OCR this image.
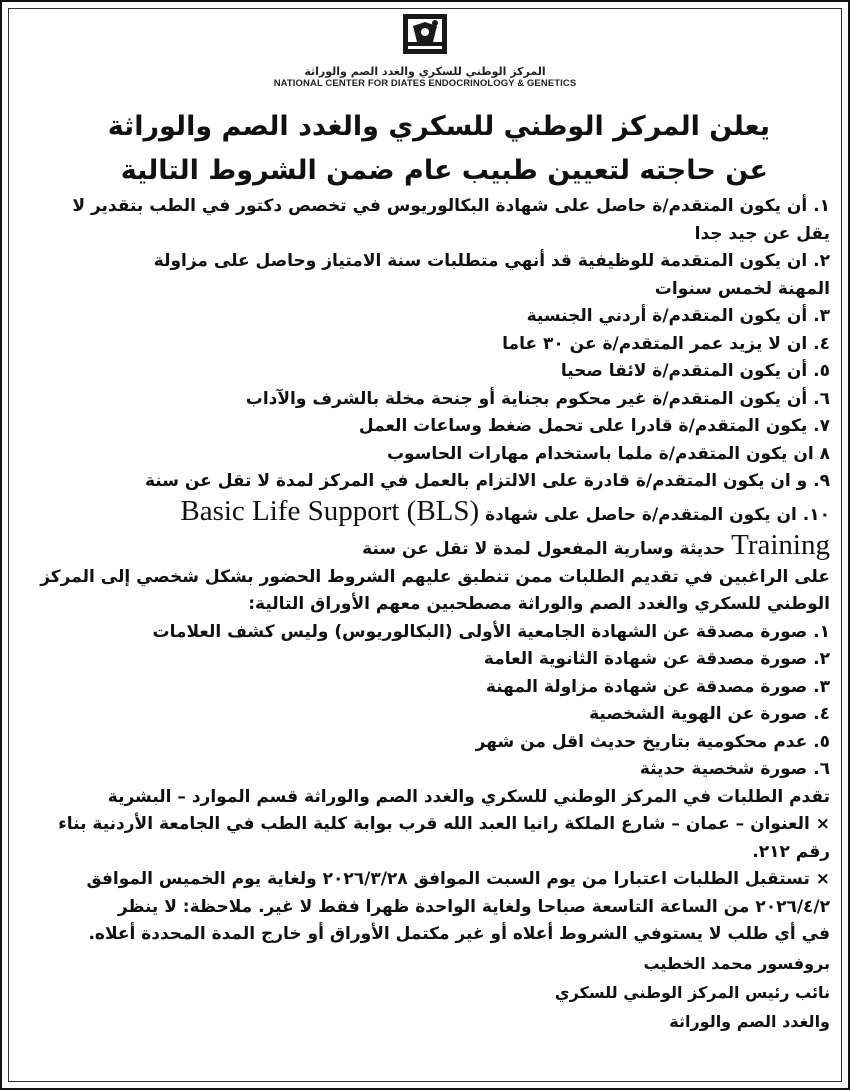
المركز الوطني للسكري والغدد الصم والوراثة
NATIONAL CENTER FOR DIATES ENDOCRINOLOGY & GENETICS

يعلن المركز الوطني للسكري والغدد الصم والوراثة

عن حاجته لتعيين طبيب عام ضمن الشروط التالية

١. أن يكون المتقدم/ة حاصل على شهادة البكالوريوس في تخصص دكتور في الطب بتقدير لا

يقل عن جيد جدا

٢. ان يكون المتقدمة للوظيفية قد أنهي متطلبات سنة الامتياز وحاصل على مزاولة

المهنة لخمس سنوات

٣. أن يكون المتقدم/ة أردني الجنسية

٤. ان لا يزيد عمر المتقدم/ة عن ٣٠ عاما

٥. أن يكون المتقدم/ة لائقا صحيا

٦. أن يكون المتقدم/ة غير محكوم بجناية أو جنحة مخلة بالشرف والآداب

٧. يكون المتقدم/ة قادرا على تحمل ضغط وساعات العمل

٨ ان يكون المتقدم/ة ملما باستخدام مهارات الحاسوب

٩. و ان يكون المتقدم/ة قادرة على الالتزام بالعمل في المركز لمدة لا تقل عن سنة

١٠. ان يكون المتقدم/ة حاصل على شهادة Basic Life Support (BLS)

Training حديثة وسارية المفعول لمدة لا تقل عن سنة

على الراغبين في تقديم الطلبات ممن تنطبق عليهم الشروط الحضور بشكل شخصي إلى المركز

الوطني للسكري والغدد الصم والوراثة مصطحبين معهم الأوراق التالية:

١. صورة مصدقة عن الشهادة الجامعية الأولى (البكالوريوس) وليس كشف العلامات

٢. صورة مصدقة عن شهادة الثانوية العامة

٣. صورة مصدقة عن شهادة مزاولة المهنة

٤. صورة عن الهوية الشخصية

٥. عدم محكومية بتاريخ حديث اقل من شهر

٦. صورة شخصية حديثة

تقدم الطلبات في المركز الوطني للسكري والغدد الصم والوراثة قسم الموارد – البشرية

× العنوان – عمان – شارع الملكة رانيا العبد الله قرب بوابة كلية الطب في الجامعة الأردنية بناء

رقم ٢١٢.

× تستقبل الطلبات اعتبارا من يوم السبت الموافق ٢٠٢٦/٣/٢٨ ولغاية يوم الخميس الموافق

٢٠٢٦/٤/٢ من الساعة التاسعة صباحا ولغاية الواحدة ظهرا فقط لا غير. ملاحظة: لا ينظر

في أي طلب لا يستوفي الشروط أعلاه أو غير مكتمل الأوراق أو خارج المدة المحددة أعلاه.

بروفسور محمد الخطيب

نائب رئيس المركز الوطني للسكري

والغدد الصم والوراثة
